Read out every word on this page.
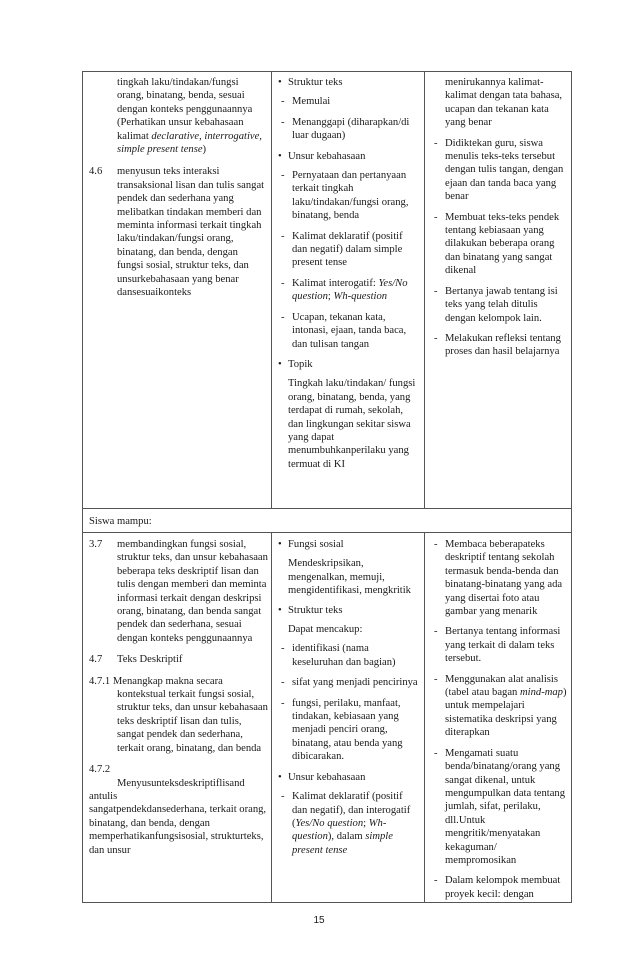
tingkah laku/tindakan/fungsi orang, binatang, benda, sesuai dengan konteks penggunaannya
(Perhatikan unsur kebahasaan kalimat declarative, interrogative, simple present tense)
4.6 menyusun teks interaksi transaksional lisan dan tulis sangat pendek dan sederhana yang melibatkan tindakan memberi dan meminta informasi terkait tingkah laku/tindakan/fungsi orang, binatang, dan benda, dengan fungsi sosial, struktur teks, dan unsurkebahasaan yang benar dansesuaikonteks
• Struktur teks
- Memulai
- Menanggapi (diharapkan/di luar dugaan)
• Unsur kebahasaan
- Pernyataan dan pertanyaan terkait tingkah laku/tindakan/fungsi orang, binatang, benda
- Kalimat deklaratif (positif dan negatif) dalam simple present tense
- Kalimat interogatif: Yes/No question; Wh-question
- Ucapan, tekanan kata, intonasi, ejaan, tanda baca, dan tulisan tangan
• Topik
Tingkah laku/tindakan/ fungsi orang, binatang, benda, yang terdapat di rumah, sekolah, dan lingkungan sekitar siswa yang dapat menumbuhkanperilaku yang termuat di KI
menirukannya kalimat-kalimat dengan tata bahasa, ucapan dan tekanan kata yang benar
- Didiktekan guru, siswa menulis teks-teks tersebut dengan tulis tangan, dengan ejaan dan tanda baca yang benar
- Membuat teks-teks pendek tentang kebiasaan yang dilakukan beberapa orang dan binatang yang sangat dikenal
- Bertanya jawab tentang isi teks yang telah ditulis dengan kelompok lain.
- Melakukan refleksi tentang proses dan hasil belajarnya
Siswa mampu:
3.7 membandingkan fungsi sosial, struktur teks, dan unsur kebahasaan beberapa teks deskriptif lisan dan tulis dengan memberi dan meminta informasi terkait dengan deskripsi orang, binatang, dan benda sangat pendek dan sederhana, sesuai dengan konteks penggunaannya
4.7 Teks Deskriptif
4.7.1 Menangkap makna secara
kontekstual terkait fungsi sosial, struktur teks, dan unsur kebahasaan teks deskriptif lisan dan tulis, sangat pendek dan sederhana, terkait orang, binatang, dan benda
4.7.2
Menyusunteksdeskriptiflisand
antulis
sangatpendekdansederhana, terkait orang, binatang, dan benda, dengan memperhatikanfungsisosial, strukturteks, dan unsur
• Fungsi sosial
Mendeskripsikan, mengenalkan, memuji, mengidentifikasi, mengkritik
• Struktur teks
Dapat mencakup:
- identifikasi (nama keseluruhan dan bagian)
- sifat yang menjadi pencirinya
- fungsi, perilaku, manfaat, tindakan, kebiasaan yang menjadi penciri orang, binatang, atau benda yang dibicarakan.
• Unsur kebahasaan
- Kalimat deklaratif (positif dan negatif), dan interogatif (Yes/No question; Wh-question), dalam simple present tense
- Membaca beberapateks deskriptif tentang sekolah termasuk benda-benda dan binatang-binatang yang ada yang disertai foto atau gambar yang menarik
- Bertanya tentang informasi yang terkait di dalam teks tersebut.
- Menggunakan alat analisis (tabel atau bagan mind-map) untuk mempelajari sistematika deskripsi yang diterapkan
- Mengamati suatu benda/binatang/orang yang sangat dikenal, untuk mengumpulkan data tentang jumlah, sifat, perilaku, dll.Untuk mengritik/menyatakan kekaguman/ mempromosikan
- Dalam kelompok membuat proyek kecil: dengan
15
